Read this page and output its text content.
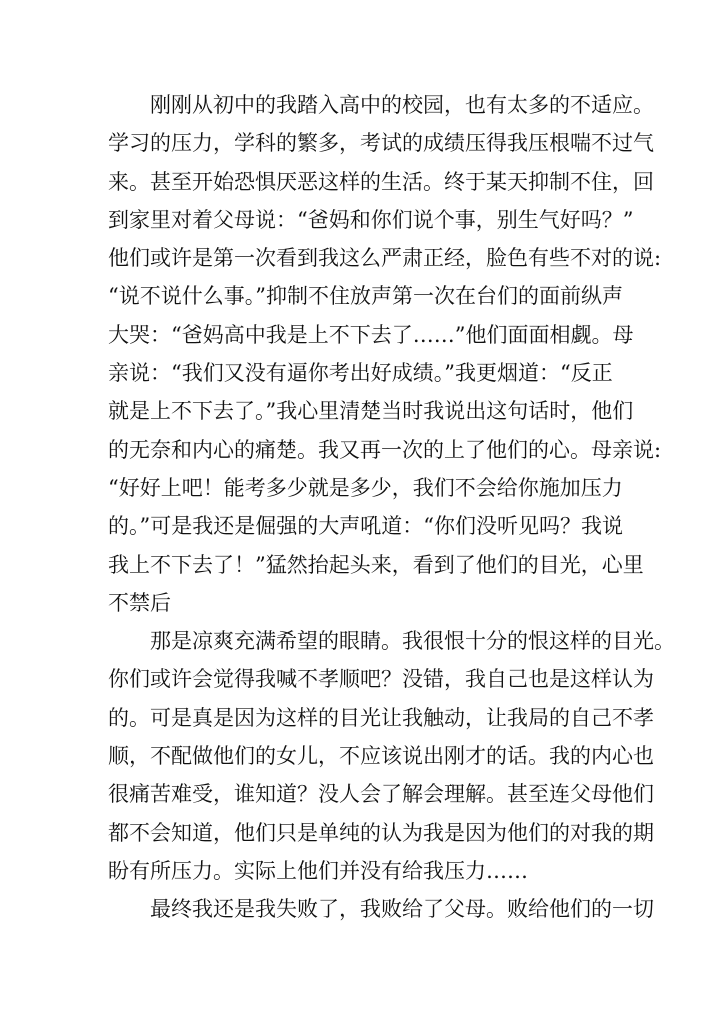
　　刚刚从初中的我踏入高中的校园，也有太多的不适应。
学习的压力，学科的繁多，考试的成绩压得我压根喘不过气
来。甚至开始恐惧厌恶这样的生活。终于某天抑制不住，回
到家里对着父母说：“爸妈和你们说个事，别生气好吗？”
他们或许是第一次看到我这么严肃正经，脸色有些不对的说:
“说不说什么事。”抑制不住放声第一次在台们的面前纵声
大哭：“爸妈高中我是上不下去了……”他们面面相觑。母
亲说：“我们又没有逼你考出好成绩。”我更烟道：“反正
就是上不下去了。”我心里清楚当时我说出这句话时，他们
的无奈和内心的痛楚。我又再一次的上了他们的心。母亲说:
“好好上吧！能考多少就是多少，我们不会给你施加压力
的。”可是我还是倔强的大声吼道：“你们没听见吗？我说
我上不下去了！”猛然抬起头来，看到了他们的目光，心里
不禁后
　　那是凉爽充满希望的眼睛。我很恨十分的恨这样的目光。
你们或许会觉得我喊不孝顺吧？没错，我自己也是这样认为
的。可是真是因为这样的目光让我触动，让我局的自己不孝
顺，不配做他们的女儿，不应该说出刚才的话。我的内心也
很痛苦难受，谁知道？没人会了解会理解。甚至连父母他们
都不会知道，他们只是单纯的认为我是因为他们的对我的期
盼有所压力。实际上他们并没有给我压力……
　　最终我还是我失败了，我败给了父母。败给他们的一切
